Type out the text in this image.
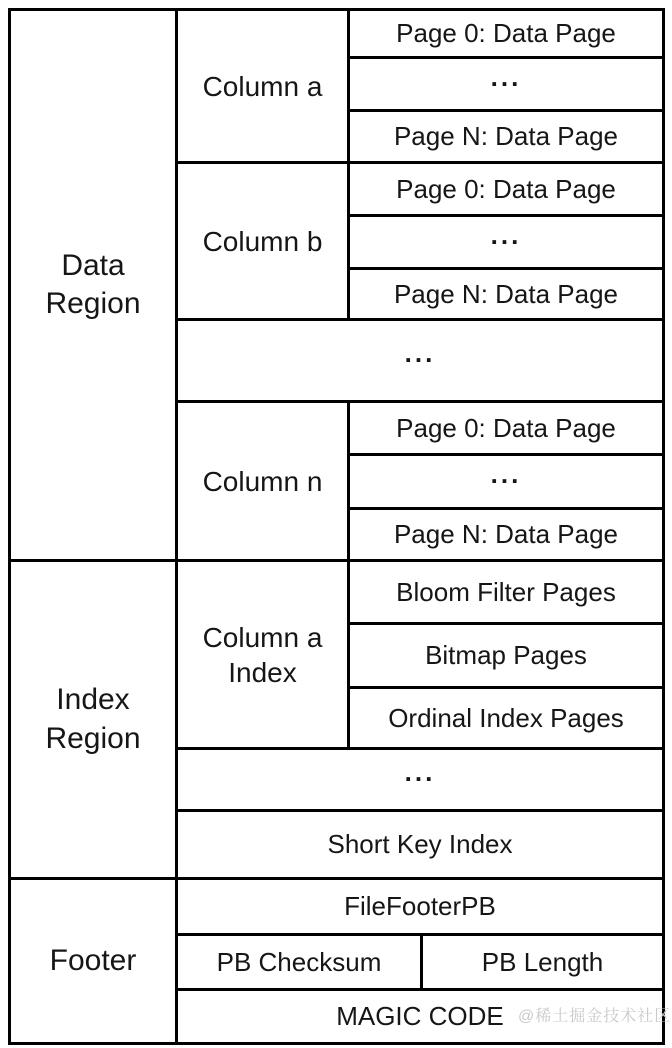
Data Region	Column a	Page 0: Data Page	
		...	
		Page N: Data Page	
	Column b	Page 0: Data Page	
		...	
		Page N: Data Page	
	...		
	Column n	Page 0: Data Page	
		...	
		Page N: Data Page	
Index Region	Column a Index	Bloom Filter Pages	
		Bitmap Pages	
		Ordinal Index Pages	
	...		
	Short Key Index		
Footer	FileFooterPB		
	PB Checksum		PB Length
	MAGIC CODE		@稀土掘金技术社区
